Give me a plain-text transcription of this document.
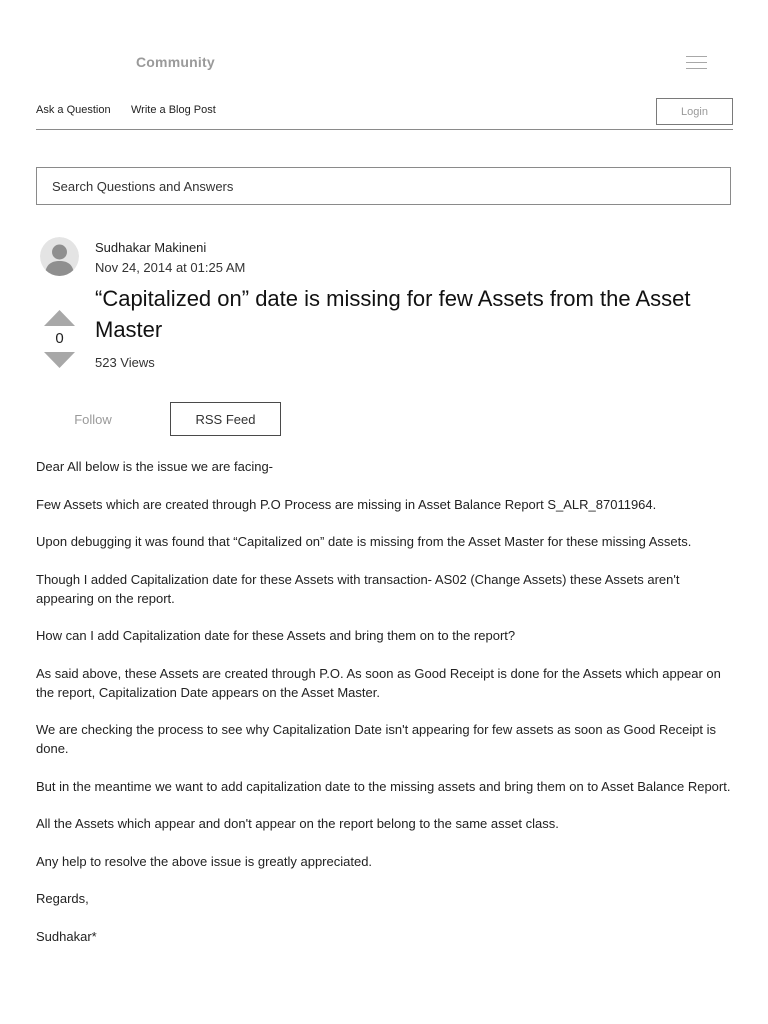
Community
Ask a Question Write a Blog Post	Login
Search Questions and Answers
Sudhakar Makineni
Nov 24, 2014 at 01:25 AM
“Capitalized on” date is missing for few Assets from the Asset Master
0
523 Views
Follow	RSS Feed

Dear All below is the issue we are facing-

Few Assets which are created through P.O Process are missing in Asset Balance Report S_ALR_87011964.

Upon debugging it was found that “Capitalized on” date is missing from the Asset Master for these missing Assets.

Though I added Capitalization date for these Assets with transaction- AS02 (Change Assets) these Assets aren't appearing on the report.

How can I add Capitalization date for these Assets and bring them on to the report?

As said above, these Assets are created through P.O. As soon as Good Receipt is done for the Assets which appear on the report, Capitalization Date appears on the Asset Master.

We are checking the process to see why Capitalization Date isn't appearing for few assets as soon as Good Receipt is done.

But in the meantime we want to add capitalization date to the missing assets and bring them on to Asset Balance Report.

All the Assets which appear and don't appear on the report belong to the same asset class.

Any help to resolve the above issue is greatly appreciated.

Regards,

Sudhakar*
